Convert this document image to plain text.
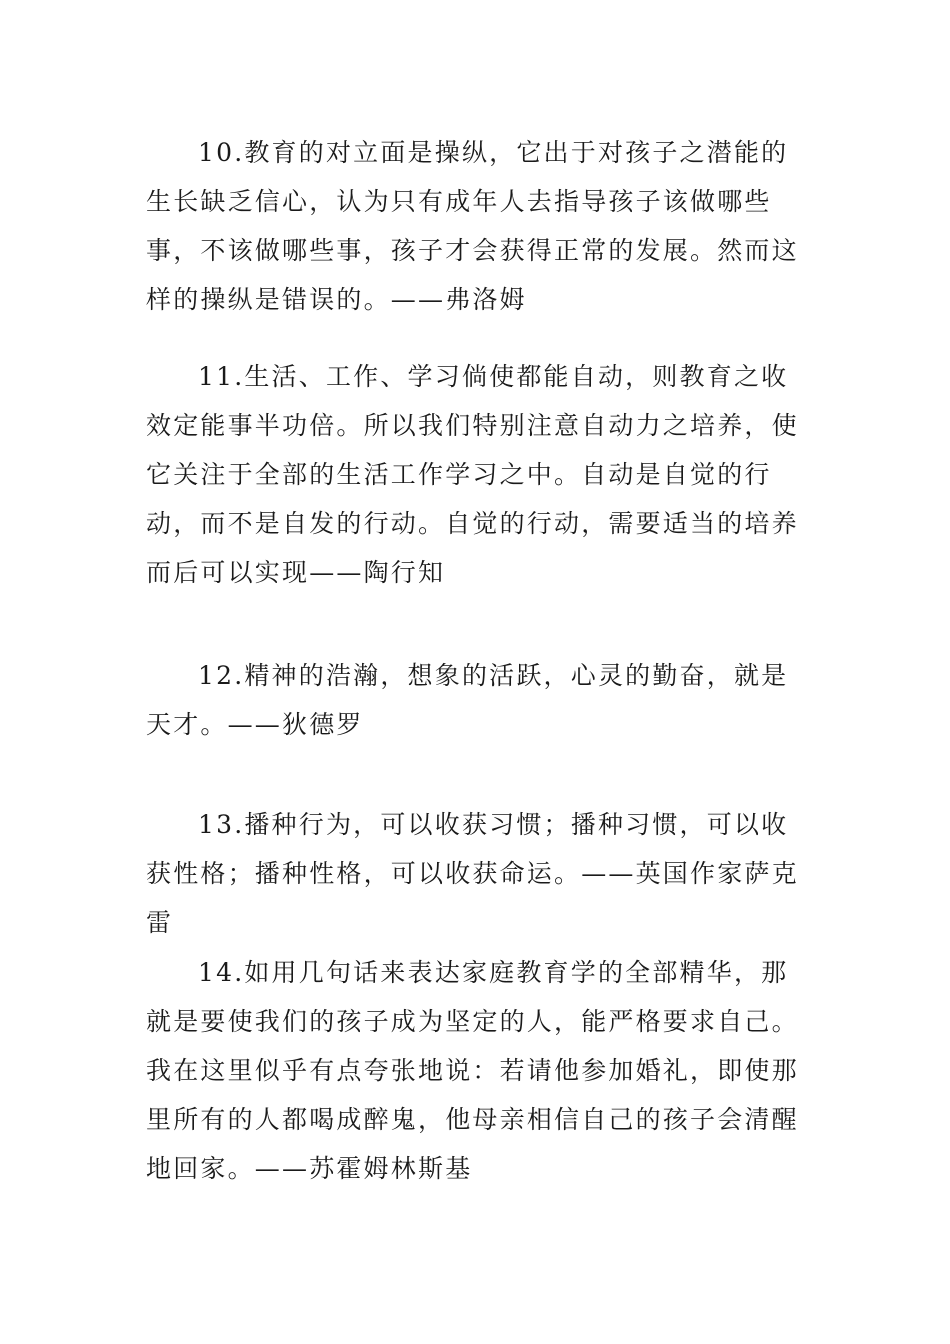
10.教育的对立面是操纵，它出于对孩子之潜能的生长缺乏信心，认为只有成年人去指导孩子该做哪些事，不该做哪些事，孩子才会获得正常的发展。然而这样的操纵是错误的。——弗洛姆

11.生活、工作、学习倘使都能自动，则教育之收效定能事半功倍。所以我们特别注意自动力之培养，使它关注于全部的生活工作学习之中。自动是自觉的行动，而不是自发的行动。自觉的行动，需要适当的培养而后可以实现——陶行知

12.精神的浩瀚，想象的活跃，心灵的勤奋，就是天才。——狄德罗

13.播种行为，可以收获习惯；播种习惯，可以收获性格；播种性格，可以收获命运。——英国作家萨克雷

14.如用几句话来表达家庭教育学的全部精华，那就是要使我们的孩子成为坚定的人，能严格要求自己。我在这里似乎有点夸张地说：若请他参加婚礼，即使那里所有的人都喝成醉鬼，他母亲相信自己的孩子会清醒地回家。——苏霍姆林斯基
